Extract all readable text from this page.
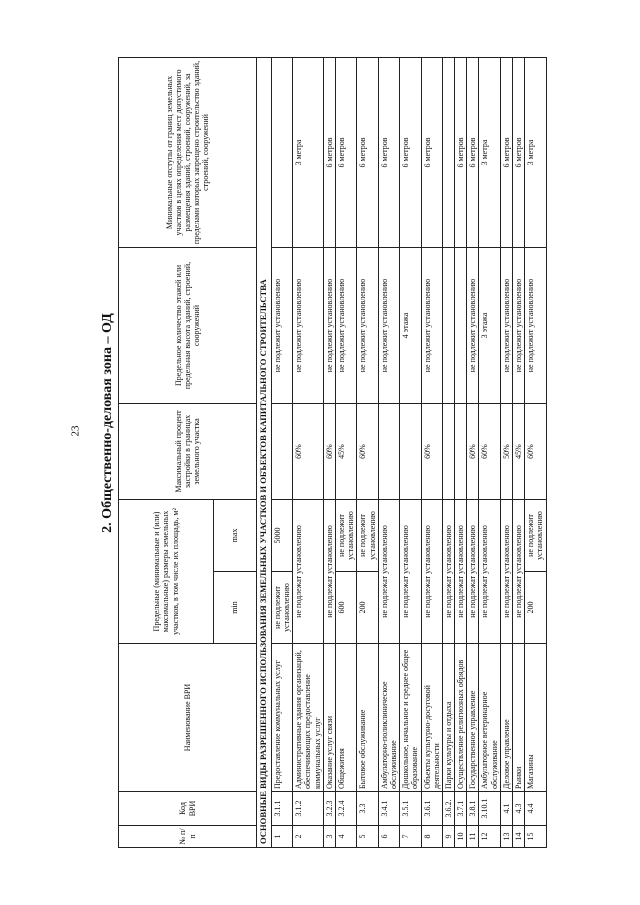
23 2. Общественно-деловая зона – ОД
№ п/п	Код ВРИ	Наименование ВРИ	Предельные (минимальные и (или) максимальные) размеры земельных участков, в том числе их площадь, м²		Максимальный процент застройки в границах земельного участка	Предельное количество этажей или предельная высота зданий, строений, сооружений	Минимальные отступы от границ земельных участков в целях определения мест допустимого размещения зданий, строений, сооружений, за пределами которых запрещено строительство зданий, строений, сооружений
			min	max			
ОСНОВНЫЕ ВИДЫ РАЗРЕШЕННОГО ИСПОЛЬЗОВАНИЯ ЗЕМЕЛЬНЫХ УЧАСТКОВ И ОБЪЕКТОВ КАПИТАЛЬНОГО СТРОИТЕЛЬСТВА							
1	3.1.1	Предоставление коммунальных услуг	не подлежит установлению	5000		не подлежит установлению	
2	3.1.2	Административные здания организаций, обеспечивающих предоставление коммунальных услуг	не подлежат установлению		60%	не подлежит установлению	3 метра
3	3.2.3	Оказание услуг связи	не подлежат установлению		60%	не подлежит установлению	6 метров
4	3.2.4	Общежития	600	не подлежит установлению	45%	не подлежит установлению	6 метров
5	3.3	Бытовое обслуживание	200	не подлежит установлению	60%	не подлежит установлению	6 метров
6	3.4.1	Амбулаторно-поликлиническое обслуживание	не подлежат установлению			не подлежит установлению	6 метров
7	3.5.1	Дошкольное, начальное и среднее общее образование	не подлежат установлению			4 этажа	6 метров
8	3.6.1	Объекты культурно-досуговой деятельности	не подлежат установлению		60%	не подлежит установлению	6 метров
9	3.6.2.	Парки культуры и отдыха	не подлежат установлению				
10	3.7.1	Осуществление религиозных обрядов	не подлежат установлению				6 метров
11	3.8.1	Государственное управление	не подлежат установлению		60%	не подлежит установлению	6 метров
12	3.10.1	Амбулаторное ветеринарное обслуживание	не подлежат установлению		60%	3 этажа	3 метра
13	4.1	Деловое управление	не подлежат установлению		50%	не подлежит установлению	6 метров
14	4.3	Рынки	не подлежат установлению		45%	не подлежит установлению	6 метров
15	4.4	Магазины	200	не подлежит установлению	60%	не подлежит установлению	3 метра
